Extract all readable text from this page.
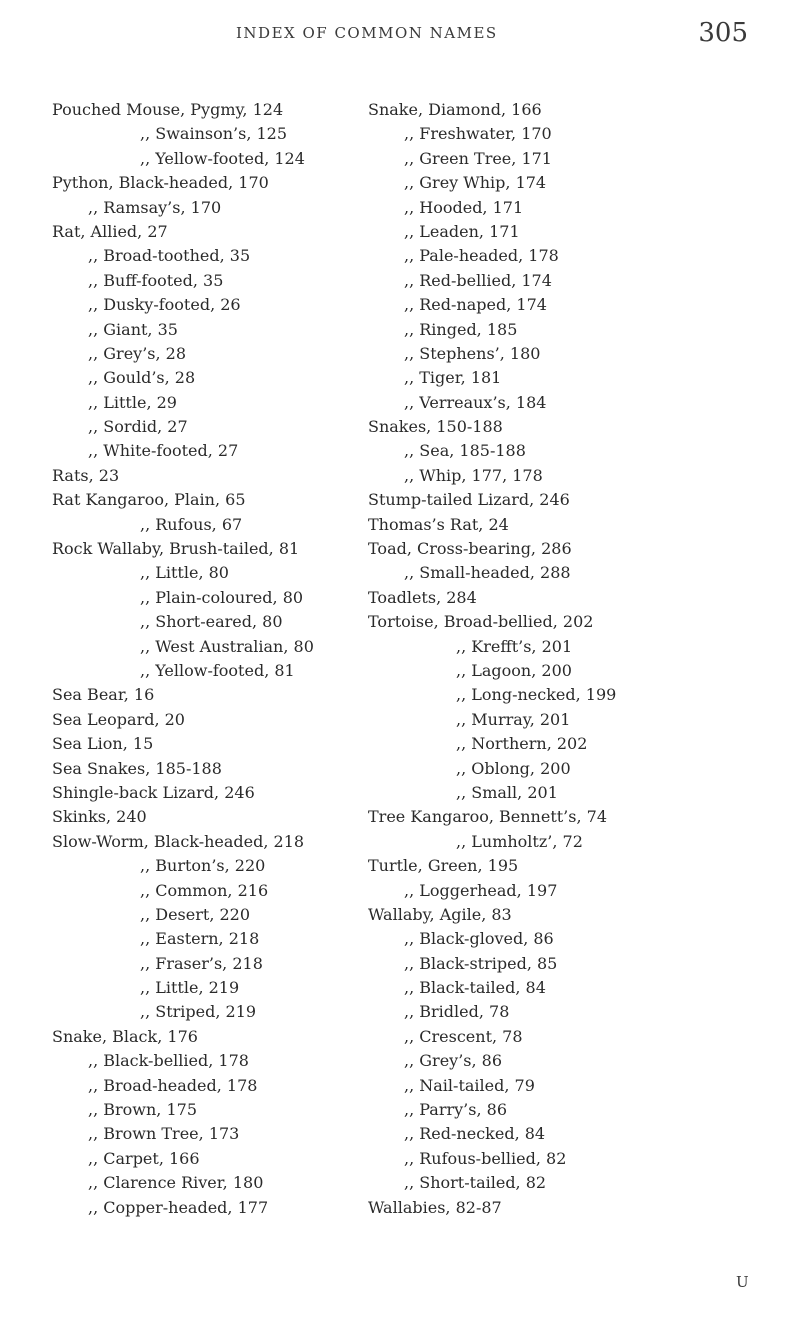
INDEX OF COMMON NAMES	305
Pouched Mouse, Pygmy, 124
,, Swainson’s, 125
,, Yellow-footed, 124
Python, Black-headed, 170
,, Ramsay’s, 170
Rat, Allied, 27
,, Broad-toothed, 35
,, Buff-footed, 35
,, Dusky-footed, 26
,, Giant, 35
,, Grey’s, 28
,, Gould’s, 28
,, Little, 29
,, Sordid, 27
,, White-footed, 27
Rats, 23
Rat Kangaroo, Plain, 65
,, Rufous, 67
Rock Wallaby, Brush-tailed, 81
,, Little, 80
,, Plain-coloured, 80
,, Short-eared, 80
,, West Australian, 80
,, Yellow-footed, 81
Sea Bear, 16
Sea Leopard, 20
Sea Lion, 15
Sea Snakes, 185-188
Shingle-back Lizard, 246
Skinks, 240
Slow-Worm, Black-headed, 218
,, Burton’s, 220
,, Common, 216
,, Desert, 220
,, Eastern, 218
,, Fraser’s, 218
,, Little, 219
,, Striped, 219
Snake, Black, 176
,, Black-bellied, 178
,, Broad-headed, 178
,, Brown, 175
,, Brown Tree, 173
,, Carpet, 166
,, Clarence River, 180
,, Copper-headed, 177
Snake, Diamond, 166
,, Freshwater, 170
,, Green Tree, 171
,, Grey Whip, 174
,, Hooded, 171
,, Leaden, 171
,, Pale-headed, 178
,, Red-bellied, 174
,, Red-naped, 174
,, Ringed, 185
,, Stephens’, 180
,, Tiger, 181
,, Verreaux’s, 184
Snakes, 150-188
,, Sea, 185-188
,, Whip, 177, 178
Stump-tailed Lizard, 246
Thomas’s Rat, 24
Toad, Cross-bearing, 286
,, Small-headed, 288
Toadlets, 284
Tortoise, Broad-bellied, 202
,, Krefft’s, 201
,, Lagoon, 200
,, Long-necked, 199
,, Murray, 201
,, Northern, 202
,, Oblong, 200
,, Small, 201
Tree Kangaroo, Bennett’s, 74
,, Lumholtz’, 72
Turtle, Green, 195
,, Loggerhead, 197
Wallaby, Agile, 83
,, Black-gloved, 86
,, Black-striped, 85
,, Black-tailed, 84
,, Bridled, 78
,, Crescent, 78
,, Grey’s, 86
,, Nail-tailed, 79
,, Parry’s, 86
,, Red-necked, 84
,, Rufous-bellied, 82
,, Short-tailed, 82
Wallabies, 82-87
U
